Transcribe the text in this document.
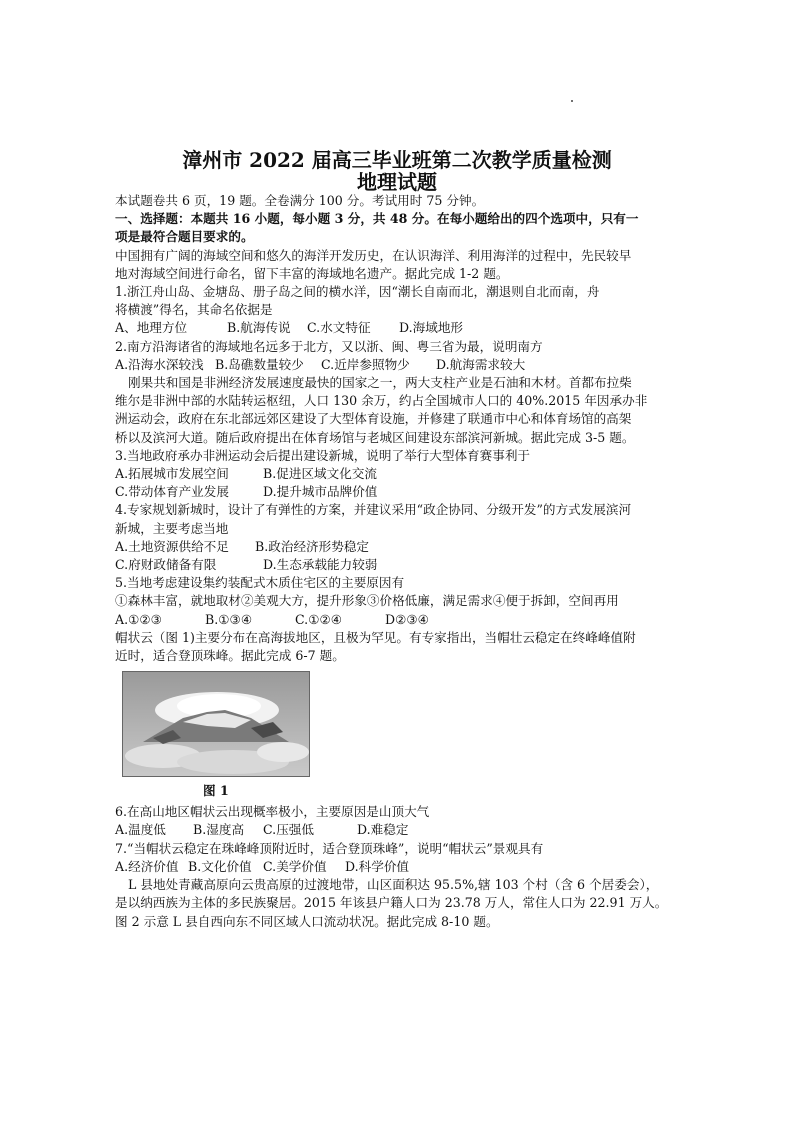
漳州市 2022 届高三毕业班第二次教学质量检测
地理试题

本试题卷共 6 页，19 题。全卷满分 100 分。考试用时 75 分钟。

一、选择题：本题共 16 小题，每小题 3 分，共 48 分。在每小题给出的四个选项中，只有一

项是最符合题目要求的。

中国拥有广阔的海域空间和悠久的海洋开发历史，在认识海洋、利用海洋的过程中，先民较早

地对海域空间进行命名，留下丰富的海域地名遗产。据此完成 1-2 题。

1.浙江舟山岛、金塘岛、册子岛之间的横水洋，因“潮长自南而北，潮退则自北而南，舟

将横渡”得名，其命名依据是

A、地理方位	B.航海传说 C.水文特征 D.海域地形

2.南方沿海诸省的海域地名远多于北方，又以浙、闽、粤三省为最，说明南方

A.沿海水深较浅 B.岛礁数量较少 C.近岸参照物少 D.航海需求较大

刚果共和国是非洲经济发展速度最快的国家之一，两大支柱产业是石油和木材。首都布拉柴

维尔是非洲中部的水陆转运枢纽，人口 130 余万，约占全国城市人口的 40%.2015 年因承办非

洲运动会，政府在东北部远郊区建设了大型体育设施，并修建了联通市中心和体育场馆的高架

桥以及滨河大道。随后政府提出在体育场馆与老城区间建设东部滨河新城。据此完成 3-5 题。

3.当地政府承办非洲运动会后提出建设新城，说明了举行大型体育赛事利于

A.拓展城市发展空间	B.促进区域文化交流

C.带动体育产业发展	D.提升城市品牌价值

4.专家规划新城时，设计了有弹性的方案，并建议采用“政企协同、分级开发”的方式发展滨河

新城，主要考虑当地

A.土地资源供给不足 B.政治经济形势稳定

C.府财政储备有限	D.生态承载能力较弱

5.当地考虑建设集约装配式木质住宅区的主要原因有

①森林丰富，就地取材②美观大方，提升形象③价格低廉，满足需求④便于拆卸，空间再用

A.①②③	B.①③④	C.①②④	D②③④

帽状云（图 1)主要分布在高海拔地区，且极为罕见。有专家指出，当帽壮云稳定在终峰峰值附

近时，适合登顶珠峰。据此完成 6-7 题。

图 1

6.在高山地区帽状云出现概率极小，主要原因是山顶大气

A.温度低 B.湿度高 C.压强低	D.难稳定

7.“当帽状云稳定在珠峰峰顶附近时，适合登顶珠峰”，说明“帽状云”景观具有

A.经济价值 B.文化价值 C.美学价值 D.科学价值

L 县地处青藏高原向云贵高原的过渡地带，山区面积达 95.5%,辖 103 个村（含 6 个居委会），

是以纳西族为主体的多民族聚居。2015 年该县户籍人口为 23.78 万人，常住人口为 22.91 万人。

图 2 示意 L 县自西向东不同区域人口流动状况。据此完成 8-10 题。
